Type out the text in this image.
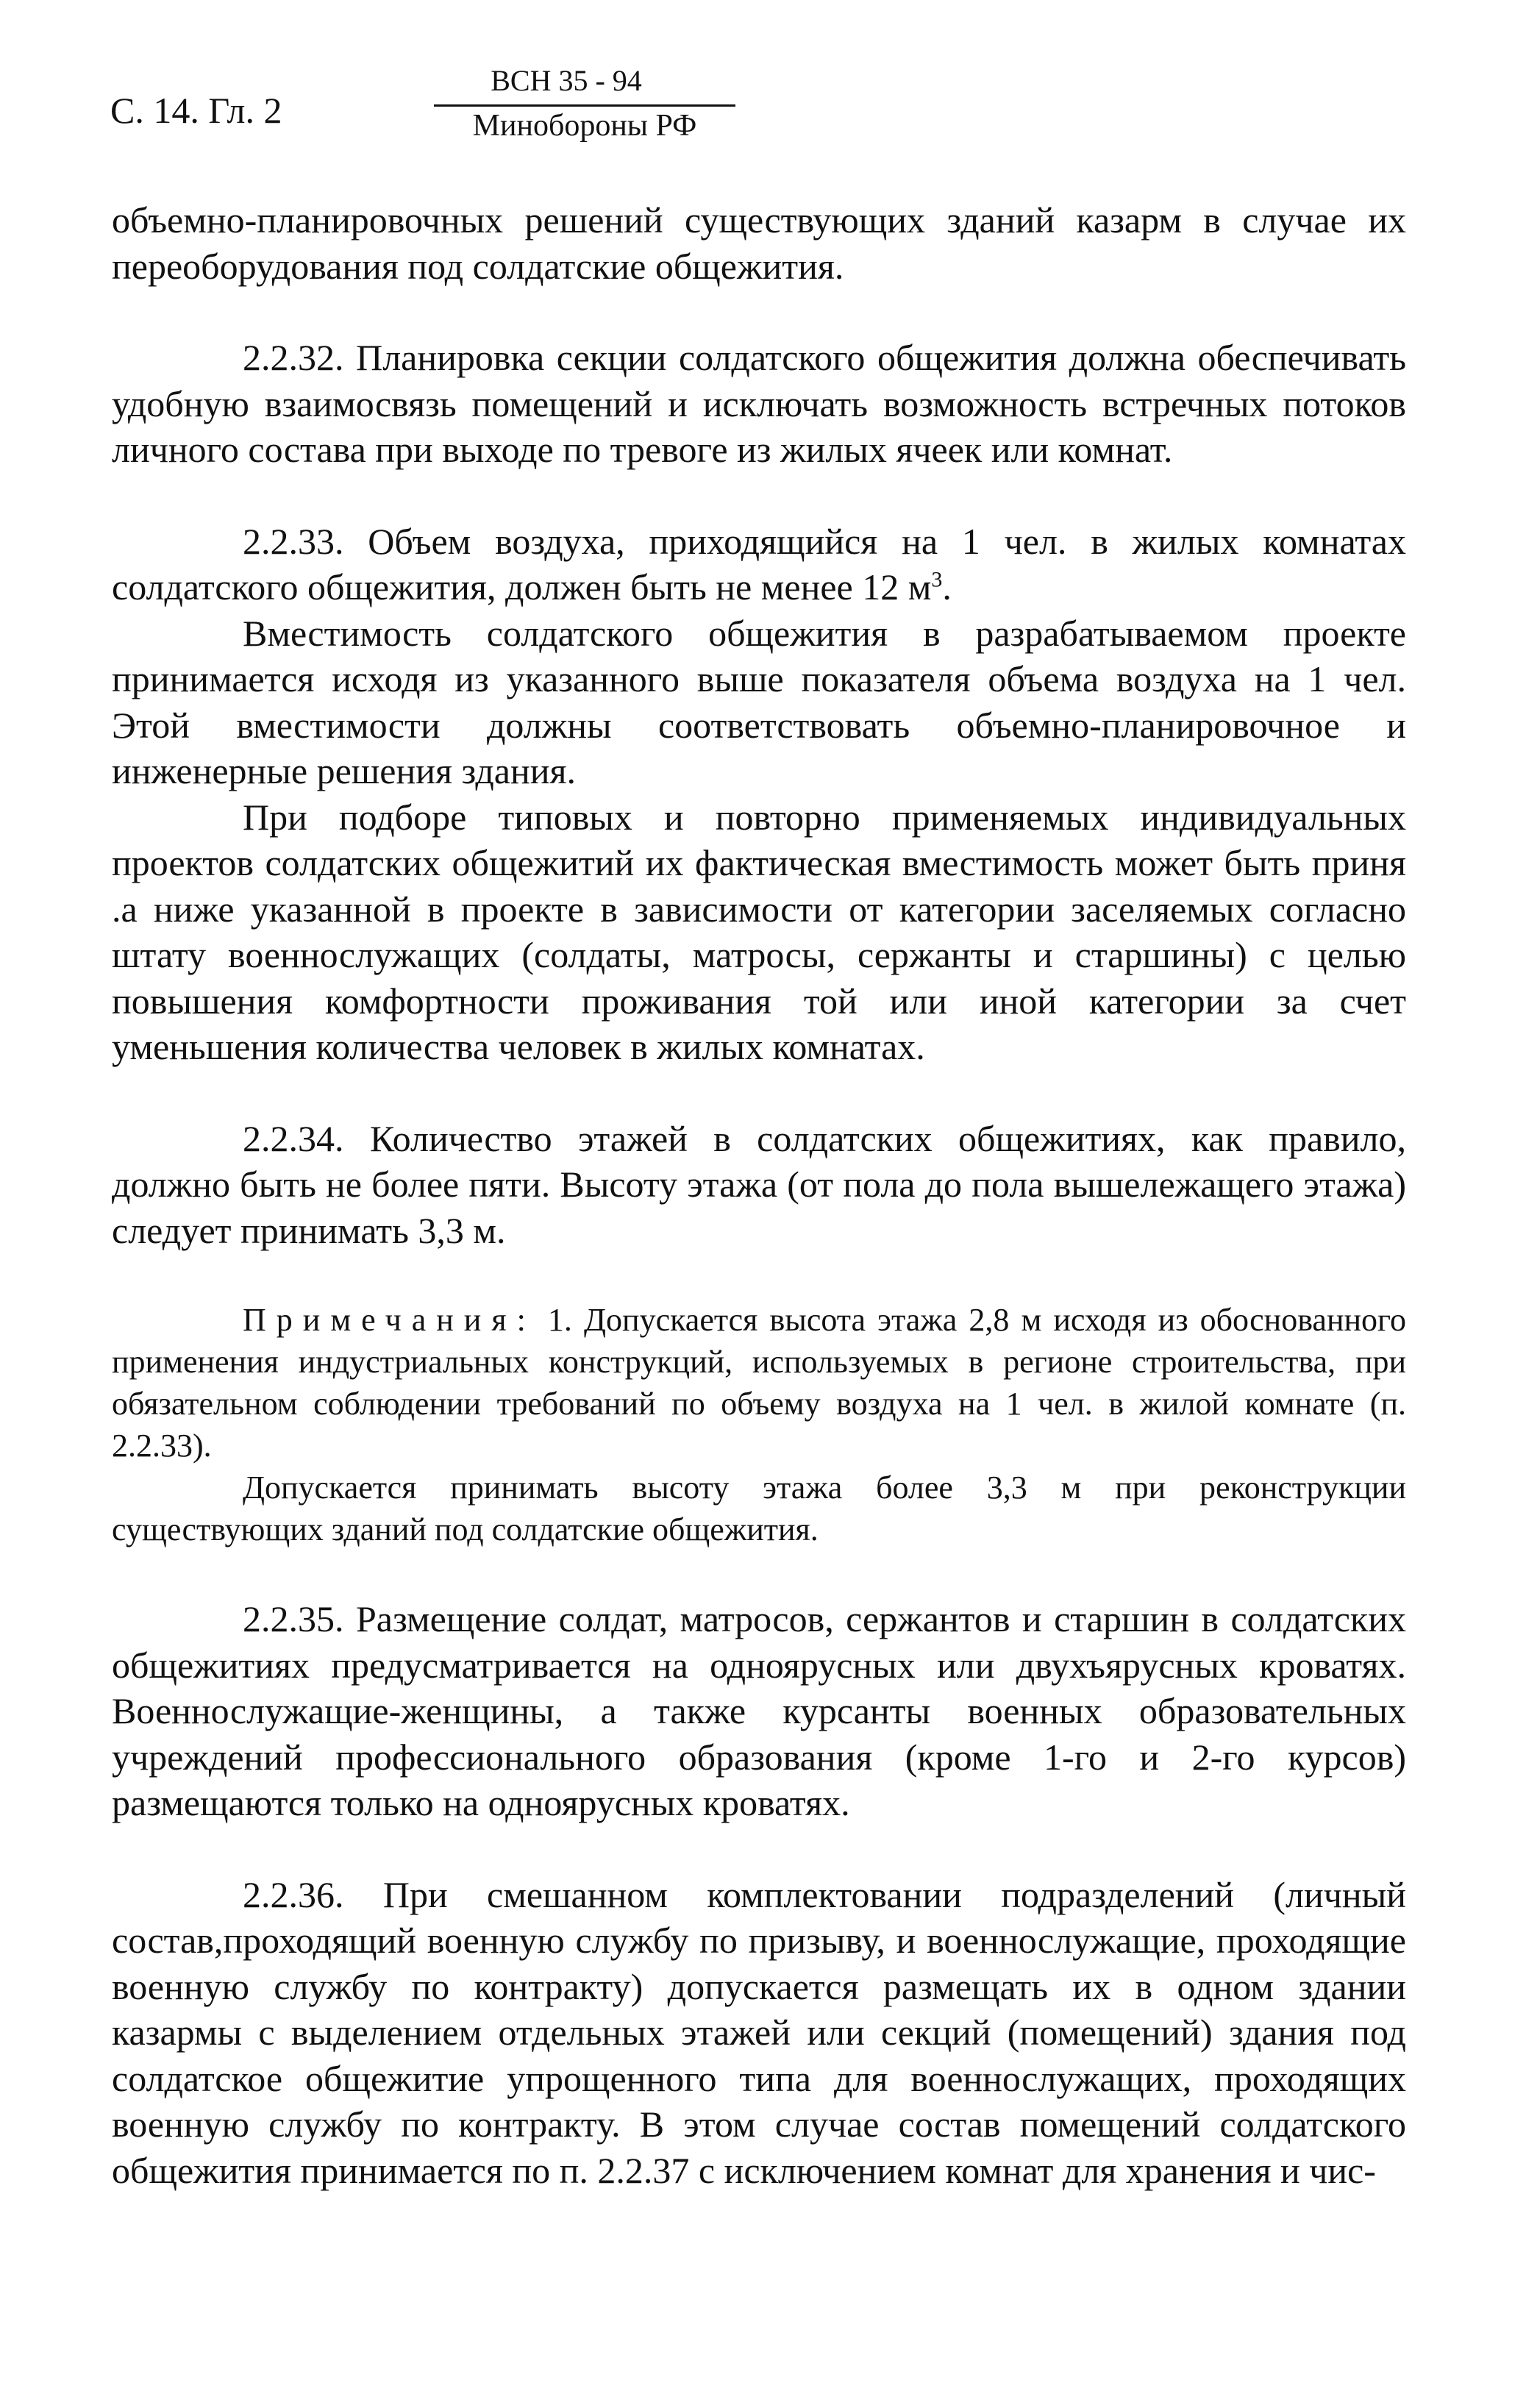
С. 14. Гл. 2
ВСН 35 - 94
Минобороны РФ

объемно-планировочных решений существующих зданий казарм в случае их переоборудования под солдатские общежития.

2.2.32. Планировка секции солдатского общежития должна обеспечивать удобную взаимосвязь помещений и исключать возможность встречных потоков личного состава при выходе по тревоге из жилых ячеек или комнат.

2.2.33. Объем воздуха, приходящийся на 1 чел. в жилых комнатах солдатского общежития, должен быть не менее 12 $м^3$.

Вместимость солдатского общежития в разрабатываемом проекте принимается исходя из указанного выше показателя объема воздуха на 1 чел. Этой вместимости должны соответствовать объемно-планировочное и инженерные решения здания.

При подборе типовых и повторно применяемых индивидуальных проектов солдатских общежитий их фактическая вместимость может быть приня .а ниже указанной в проекте в зависимости от категории заселяемых согласно штату военнослужащих (солдаты, матросы, сержанты и старшины) с целью повышения комфортности проживания той или иной категории за счет уменьшения количества человек в жилых комнатах.

2.2.34. Количество этажей в солдатских общежитиях, как правило, должно быть не более пяти. Высоту этажа (от пола до пола вышележащего этажа) следует принимать 3,3 м.

Примечания: 1. Допускается высота этажа 2,8 м исходя из обоснованного применения индустриальных конструкций, используемых в регионе строительства, при обязательном соблюдении требований по объему воздуха на 1 чел. в жилой комнате (п. 2.2.33).

Допускается принимать высоту этажа более 3,3 м при реконструкции существующих зданий под солдатские общежития.

2.2.35. Размещение солдат, матросов, сержантов и старшин в солдатских общежитиях предусматривается на одноярусных или двухъярусных кроватях. Военнослужащие-женщины, а также курсанты военных образовательных учреждений профессионального образования (кроме 1-го и 2-го курсов) размещаются только на одноярусных кроватях.

2.2.36. При смешанном комплектовании подразделений (личный состав,проходящий военную службу по призыву, и военнослужащие, проходящие военную службу по контракту) допускается размещать их в одном здании казармы с выделением отдельных этажей или секций (помещений) здания под солдатское общежитие упрощенного типа для военнослужащих, проходящих военную службу по контракту. В этом случае состав помещений солдатского общежития принимается по п. 2.2.37 с исключением комнат для хранения и чис-
